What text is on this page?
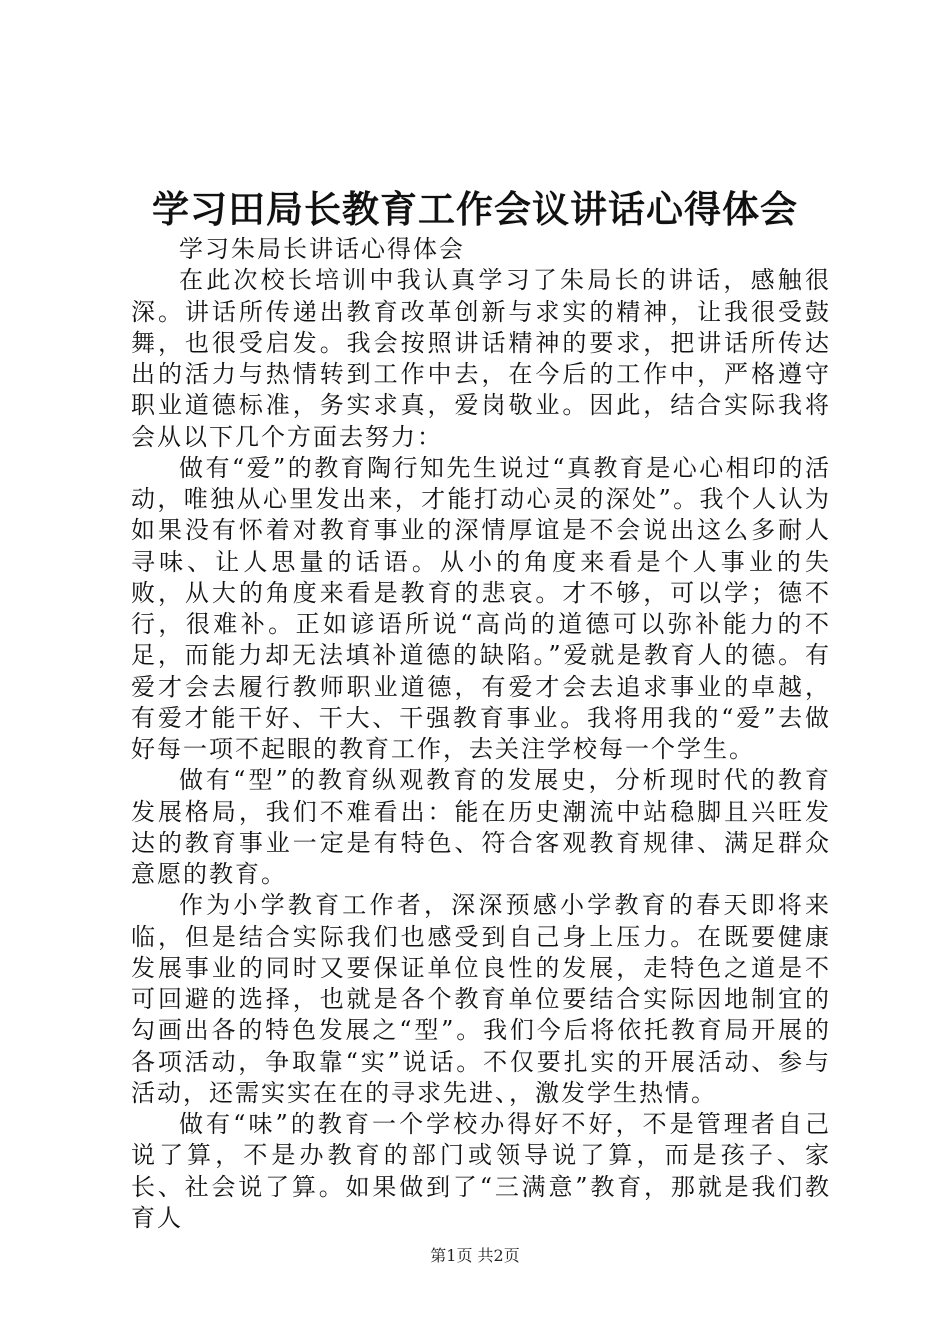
学习田局长教育工作会议讲话心得体会

学习朱局长讲话心得体会

在此次校长培训中我认真学习了朱局长的讲话，感触很深。讲话所传递出教育改革创新与求实的精神，让我很受鼓舞，也很受启发。我会按照讲话精神的要求，把讲话所传达出的活力与热情转到工作中去，在今后的工作中，严格遵守职业道德标准，务实求真，爱岗敬业。因此，结合实际我将会从以下几个方面去努力：

做有“爱”的教育陶行知先生说过“真教育是心心相印的活动，唯独从心里发出来，才能打动心灵的深处”。我个人认为如果没有怀着对教育事业的深情厚谊是不会说出这么多耐人寻味、让人思量的话语。从小的角度来看是个人事业的失败，从大的角度来看是教育的悲哀。才不够，可以学；德不行，很难补。正如谚语所说“高尚的道德可以弥补能力的不足，而能力却无法填补道德的缺陷。”爱就是教育人的德。有爱才会去履行教师职业道德，有爱才会去追求事业的卓越，有爱才能干好、干大、干强教育事业。我将用我的“爱”去做好每一项不起眼的教育工作，去关注学校每一个学生。

做有“型”的教育纵观教育的发展史，分析现时代的教育发展格局，我们不难看出：能在历史潮流中站稳脚且兴旺发达的教育事业一定是有特色、符合客观教育规律、满足群众意愿的教育。

作为小学教育工作者，深深预感小学教育的春天即将来临，但是结合实际我们也感受到自己身上压力。在既要健康发展事业的同时又要保证单位良性的发展，走特色之道是不可回避的选择，也就是各个教育单位要结合实际因地制宜的勾画出各的特色发展之“型”。我们今后将依托教育局开展的各项活动，争取靠“实”说话。不仅要扎实的开展活动、参与活动，还需实实在在的寻求先进、，激发学生热情。

做有“味”的教育一个学校办得好不好，不是管理者自己说了算，不是办教育的部门或领导说了算，而是孩子、家长、社会说了算。如果做到了“三满意”教育，那就是我们教育人

第1页 共2页
